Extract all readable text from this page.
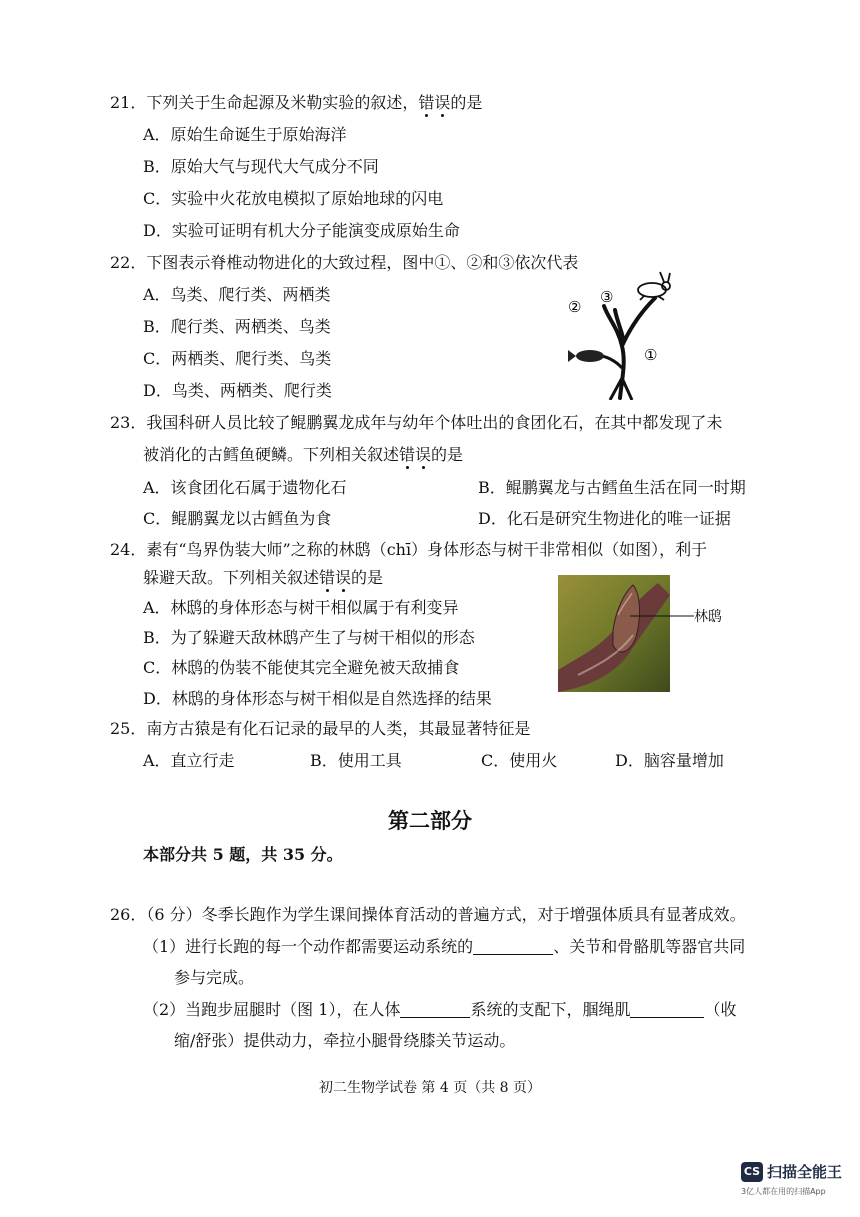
21．下列关于生命起源及米勒实验的叙述，错误的是
A．原始生命诞生于原始海洋
B．原始大气与现代大气成分不同
C．实验中火花放电模拟了原始地球的闪电
D．实验可证明有机大分子能演变成原始生命
22．下图表示脊椎动物进化的大致过程，图中①、②和③依次代表
A．鸟类、爬行类、两栖类
B．爬行类、两栖类、鸟类
C．两栖类、爬行类、鸟类
D．鸟类、两栖类、爬行类
②
③
①
23．我国科研人员比较了鲲鹏翼龙成年与幼年个体吐出的食团化石，在其中都发现了未
被消化的古鳕鱼硬鳞。下列相关叙述错误的是
A．该食团化石属于遗物化石	B．鲲鹏翼龙与古鳕鱼生活在同一时期
C．鲲鹏翼龙以古鳕鱼为食	D．化石是研究生物进化的唯一证据
24．素有“鸟界伪装大师”之称的林鸱（chī）身体形态与树干非常相似（如图），利于
躲避天敌。下列相关叙述错误的是
A．林鸱的身体形态与树干相似属于有利变异
B．为了躲避天敌林鸱产生了与树干相似的形态
C．林鸱的伪装不能使其完全避免被天敌捕食
D．林鸱的身体形态与树干相似是自然选择的结果
林鸱
25．南方古猿是有化石记录的最早的人类，其最显著特征是
A．直立行走	B．使用工具	C．使用火	D．脑容量增加
第二部分
本部分共 5 题，共 35 分。
26．（6 分）冬季长跑作为学生课间操体育活动的普遍方式，对于增强体质具有显著成效。
（1）进行长跑的每一个动作都需要运动系统的	、关节和骨骼肌等器官共同
参与完成。
（2）当跑步屈腿时（图 1），在人体	系统的支配下，腘绳肌	（收
缩/舒张）提供动力，牵拉小腿骨绕膝关节运动。
初二生物学试卷 第 4 页（共 8 页）
CS 扫描全能王
3亿人都在用的扫描App
